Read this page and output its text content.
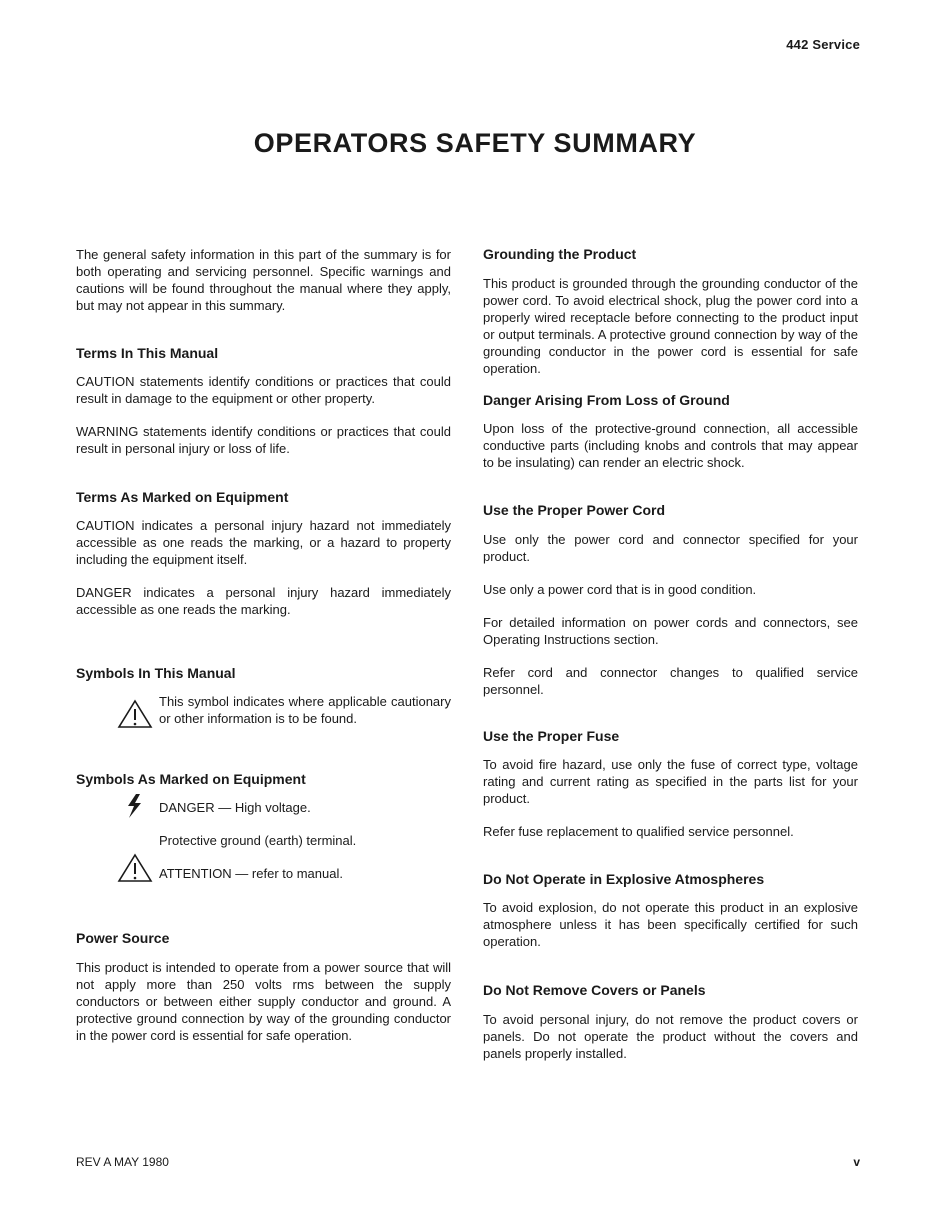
442 Service
OPERATORS SAFETY SUMMARY

The general safety information in this part of the summary is for both operating and servicing personnel. Specific warnings and cautions will be found throughout the manual where they apply, but may not appear in this summary.

Terms In This Manual

CAUTION statements identify conditions or practices that could result in damage to the equipment or other property.

WARNING statements identify conditions or practices that could result in personal injury or loss of life.

Terms As Marked on Equipment

CAUTION indicates a personal injury hazard not immediately accessible as one reads the marking, or a hazard to property including the equipment itself.

DANGER indicates a personal injury hazard immediately accessible as one reads the marking.

Symbols In This Manual

This symbol indicates where applicable cautionary or other information is to be found.

Symbols As Marked on Equipment

DANGER — High voltage.

Protective ground (earth) terminal.

ATTENTION — refer to manual.

Power Source

This product is intended to operate from a power source that will not apply more than 250 volts rms between the supply conductors or between either supply conductor and ground. A protective ground connection by way of the grounding conductor in the power cord is essential for safe operation.

Grounding the Product

This product is grounded through the grounding conductor of the power cord. To avoid electrical shock, plug the power cord into a properly wired receptacle before connecting to the product input or output terminals. A protective ground connection by way of the grounding conductor in the power cord is essential for safe operation.

Danger Arising From Loss of Ground

Upon loss of the protective-ground connection, all accessible conductive parts (including knobs and controls that may appear to be insulating) can render an electric shock.

Use the Proper Power Cord

Use only the power cord and connector specified for your product.

Use only a power cord that is in good condition.

For detailed information on power cords and connectors, see Operating Instructions section.

Refer cord and connector changes to qualified service personnel.

Use the Proper Fuse

To avoid fire hazard, use only the fuse of correct type, voltage rating and current rating as specified in the parts list for your product.

Refer fuse replacement to qualified service personnel.

Do Not Operate in Explosive Atmospheres

To avoid explosion, do not operate this product in an explosive atmosphere unless it has been specifically certified for such operation.

Do Not Remove Covers or Panels

To avoid personal injury, do not remove the product covers or panels. Do not operate the product without the covers and panels properly installed.

REV A MAY 1980	v
